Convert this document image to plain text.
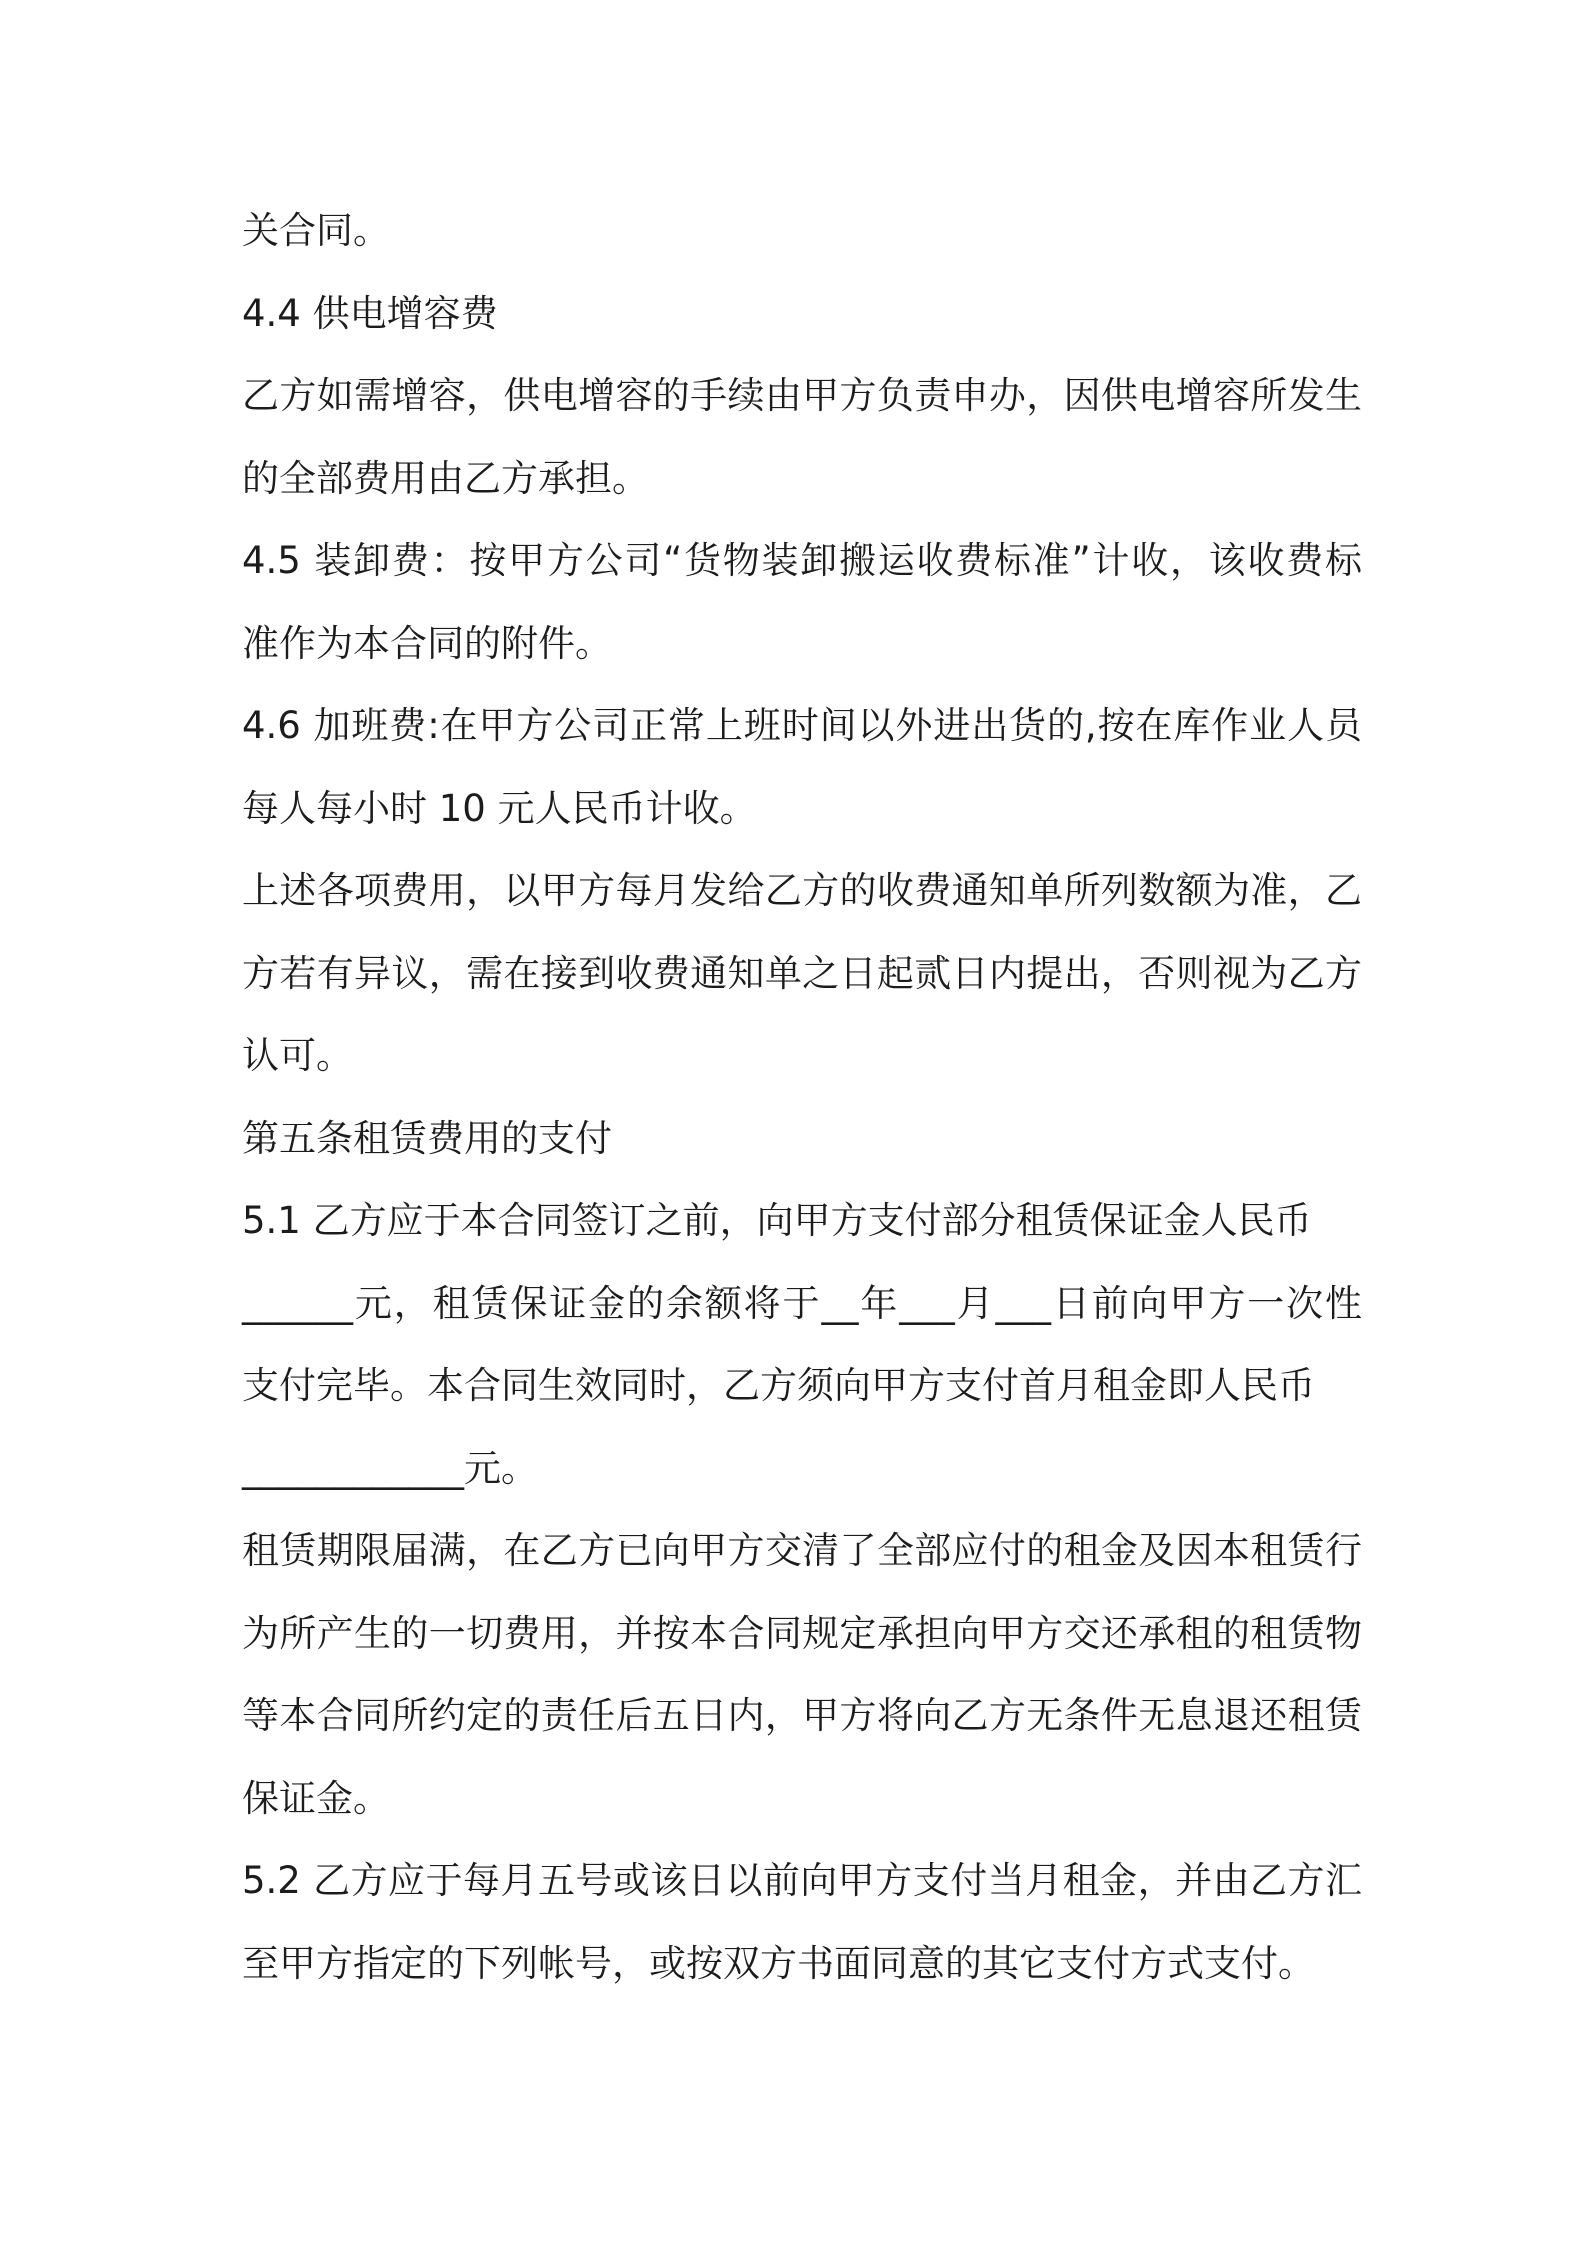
关合同。
4.4 供电增容费
乙方如需增容，供电增容的手续由甲方负责申办，因供电增容所发生
的全部费用由乙方承担。
4.5 装卸费：按甲方公司“货物装卸搬运收费标准”计收，该收费标
准作为本合同的附件。
4.6 加班费:在甲方公司正常上班时间以外进出货的,按在库作业人员
每人每小时 10 元人民币计收。
上述各项费用，以甲方每月发给乙方的收费通知单所列数额为准，乙
方若有异议，需在接到收费通知单之日起贰日内提出，否则视为乙方
认可。
第五条租赁费用的支付
5.1 乙方应于本合同签订之前，向甲方支付部分租赁保证金人民币
______元，租赁保证金的余额将于__年___月___日前向甲方一次性
支付完毕。本合同生效同时，乙方须向甲方支付首月租金即人民币
____________元。
租赁期限届满，在乙方已向甲方交清了全部应付的租金及因本租赁行
为所产生的一切费用，并按本合同规定承担向甲方交还承租的租赁物
等本合同所约定的责任后五日内，甲方将向乙方无条件无息退还租赁
保证金。
5.2 乙方应于每月五号或该日以前向甲方支付当月租金，并由乙方汇
至甲方指定的下列帐号，或按双方书面同意的其它支付方式支付。
